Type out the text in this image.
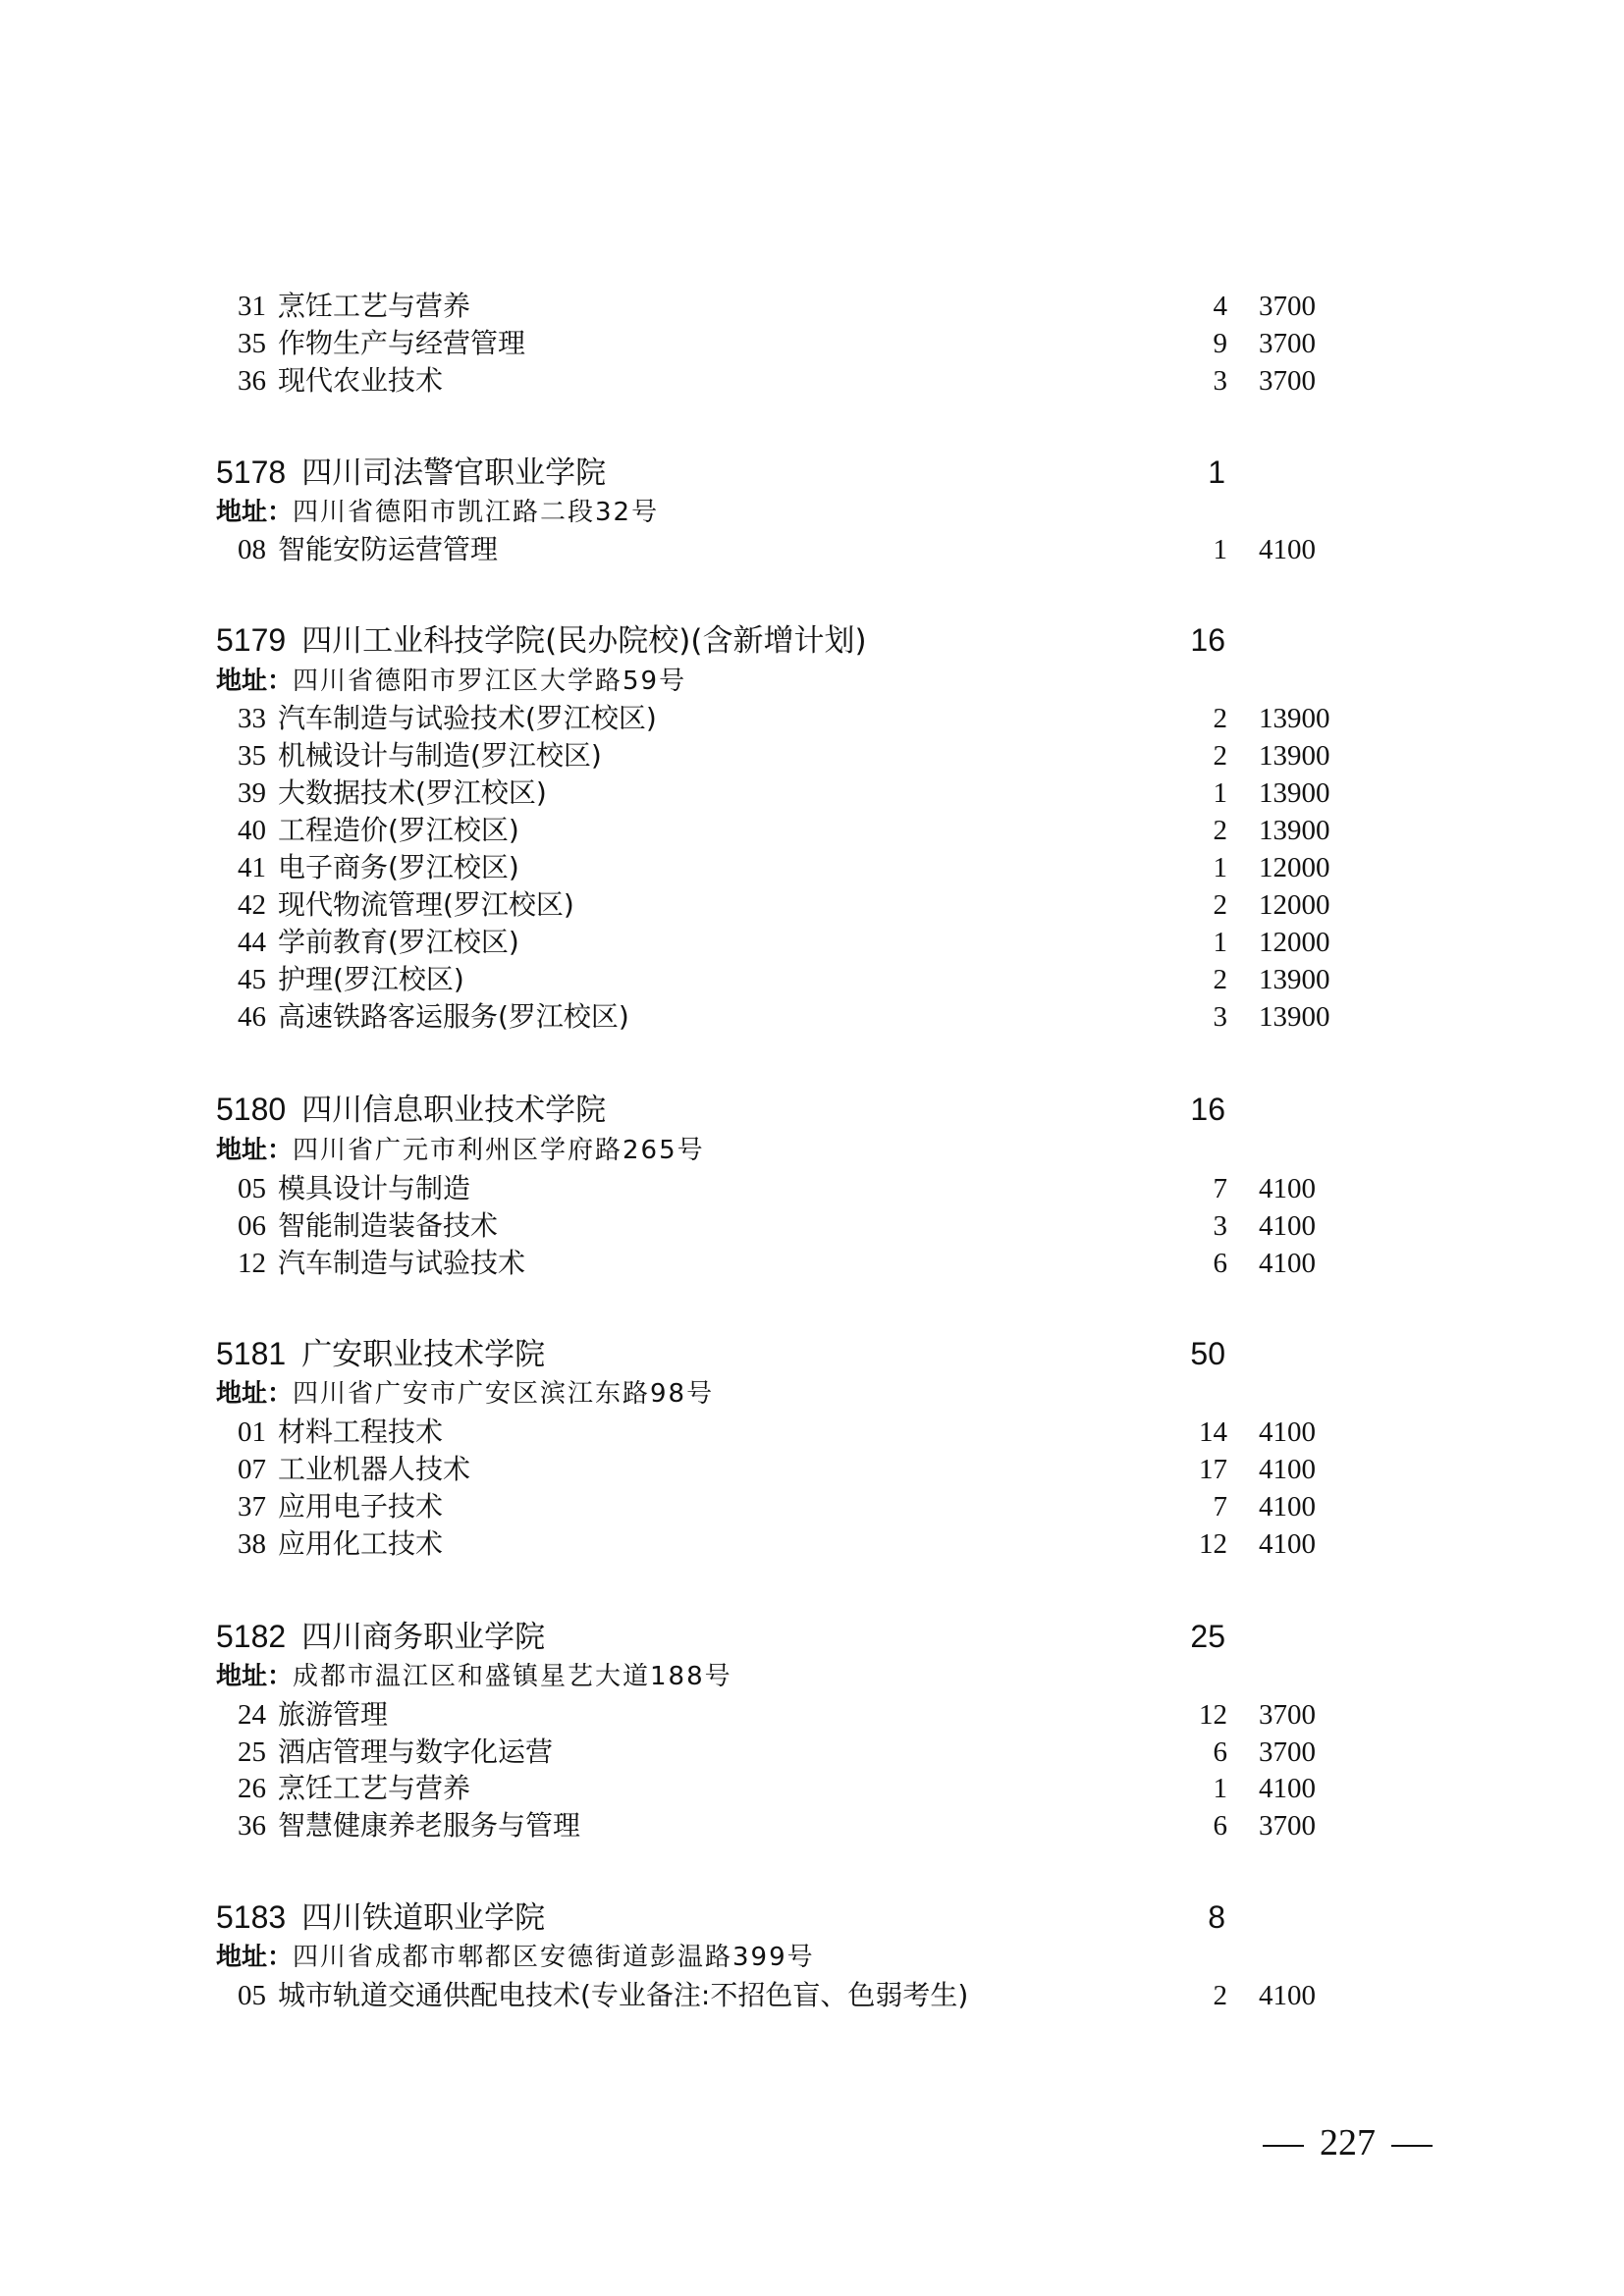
31 烹饪工艺与营养	4 3700
35 作物生产与经营管理	9 3700
36 现代农业技术	3 3700
5178 四川司法警官职业学院	1
地址：四川省德阳市凯江路二段32号
08 智能安防运营管理	1 4100
5179 四川工业科技学院(民办院校)(含新增计划)	16
地址：四川省德阳市罗江区大学路59号
33 汽车制造与试验技术(罗江校区)	2 13900
35 机械设计与制造(罗江校区)	2 13900
39 大数据技术(罗江校区)	1 13900
40 工程造价(罗江校区)	2 13900
41 电子商务(罗江校区)	1 12000
42 现代物流管理(罗江校区)	2 12000
44 学前教育(罗江校区)	1 12000
45 护理(罗江校区)	2 13900
46 高速铁路客运服务(罗江校区)	3 13900
5180 四川信息职业技术学院	16
地址：四川省广元市利州区学府路265号
05 模具设计与制造	7 4100
06 智能制造装备技术	3 4100
12 汽车制造与试验技术	6 4100
5181 广安职业技术学院	50
地址：四川省广安市广安区滨江东路98号
01 材料工程技术	14 4100
07 工业机器人技术	17 4100
37 应用电子技术	7 4100
38 应用化工技术	12 4100
5182 四川商务职业学院	25
地址：成都市温江区和盛镇星艺大道188号
24 旅游管理	12 3700
25 酒店管理与数字化运营	6 3700
26 烹饪工艺与营养	1 4100
36 智慧健康养老服务与管理	6 3700
5183 四川铁道职业学院	8
地址：四川省成都市郫都区安德街道彭温路399号
05 城市轨道交通供配电技术(专业备注:不招色盲、色弱考生)	2 4100
227
